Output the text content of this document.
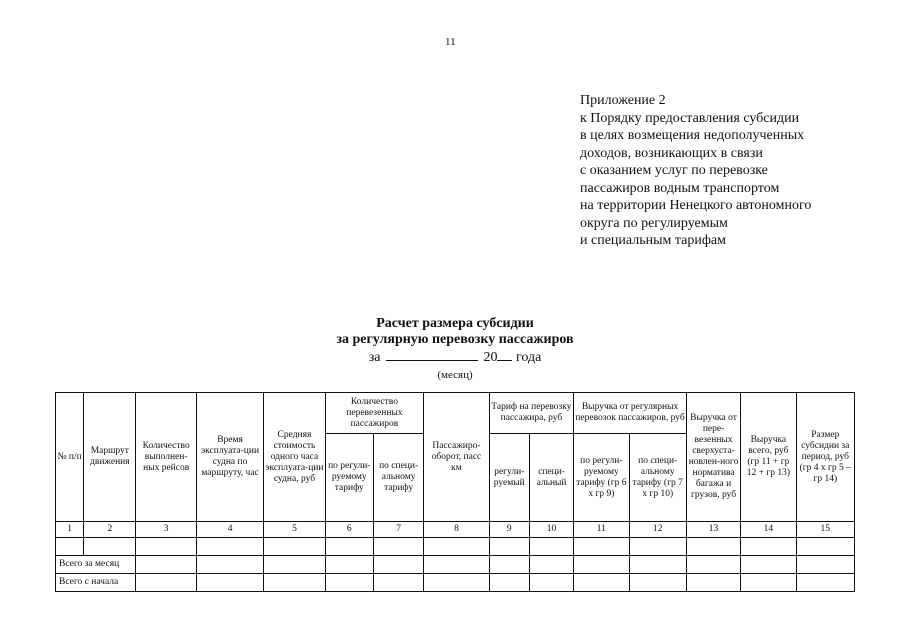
11
Приложение 2
к Порядку предоставления субсидии
в целях возмещения недополученных
доходов, возникающих в связи
с оказанием услуг по перевозке
пассажиров водным транспортом
на территории Ненецкого автономного
округа по регулируемым
и специальным тарифам
Расчет размера субсидии
за регулярную перевозку пассажиров
за	20 года
(месяц)
№ п/п	Маршрут движения	Количество выполнен-ных рейсов	Время эксплуата-ции судна по маршруту, час	Средняя стоимость одного часа эксплуата-ции судна, руб	Количество перевезенных пассажиров		Пассажиро-оборот, пасс км	Тариф на перевозку пассажира, руб		Выручка от регулярных перевозок пассажиров, руб		Выручка от пере-везенных сверхуста-новлен-ного норматива багажа и грузов, руб	Выручка всего, руб (гр 11 + гр 12 + гр 13)	Размер субсидии за период, руб (гр 4 х гр 5 – гр 14)
					по регули-руемому тарифу	по специ-альному тарифу		регули-руемый	специ-альный	по регули-руемому тарифу (гр 6 х гр 9)	по специ-альному тарифу (гр 7 х гр 10)			
1	2	3	4	5	6	7	8	9	10	11	12	13	14	15

Всего за месяц														
Всего с начала														
